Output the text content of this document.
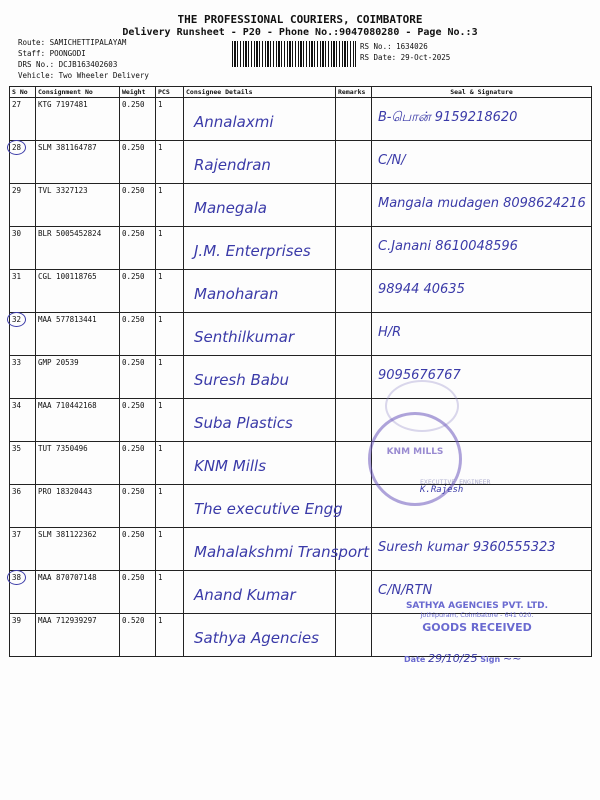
THE PROFESSIONAL COURIERS, COIMBATORE
Delivery Runsheet - P20 - Phone No.:9047080280 - Page No.:3
Route: SAMICHETTIPALAYAM
Staff: POONGODI
DRS No.: DCJB163402603
Vehicle: Two Wheeler Delivery
RS No.: 1634026
RS Date: 29-Oct-2025
S No	Consignment No	Weight	PCS	Consignee Details	Remarks	Seal & Signature
27	KTG 7197481	0.250	1	Annalaxmi		B-பொன் 9159218620

28	SLM 381164787	0.250	1	Rajendran		C/N/

29	TVL 3327123	0.250	1	Manegala		Mangala mudagen 8098624216

30	BLR 5005452824	0.250	1	J.M. Enterprises		C.Janani 8610048596

31	CGL 100118765	0.250	1	Manoharan		98944 40635

32	MAA 577813441	0.250	1	Senthilkumar		H/R

33	GMP 20539	0.250	1	Suresh Babu		9095676767

34	MAA 710442168	0.250	1	Suba Plastics		

35	TUT 7350496	0.250	1	KNM Mills		

36	PRO 18320443	0.250	1	The executive Engg		

37	SLM 381122362	0.250	1	Mahalakshmi Transport		Suresh kumar 9360555323

38	MAA 870707148	0.250	1	Anand Kumar		C/N/RTN

39	MAA 712939297	0.520	1	Sathya Agencies		

KNM MILLS
EXECUTIVE ENGINEER
K.Rajesh
SATHYA AGENCIES PVT. LTD.
Jothipuram, Coimbatore - 641 020.
GOODS RECEIVED
Date 29/10/25 Sign ~~
